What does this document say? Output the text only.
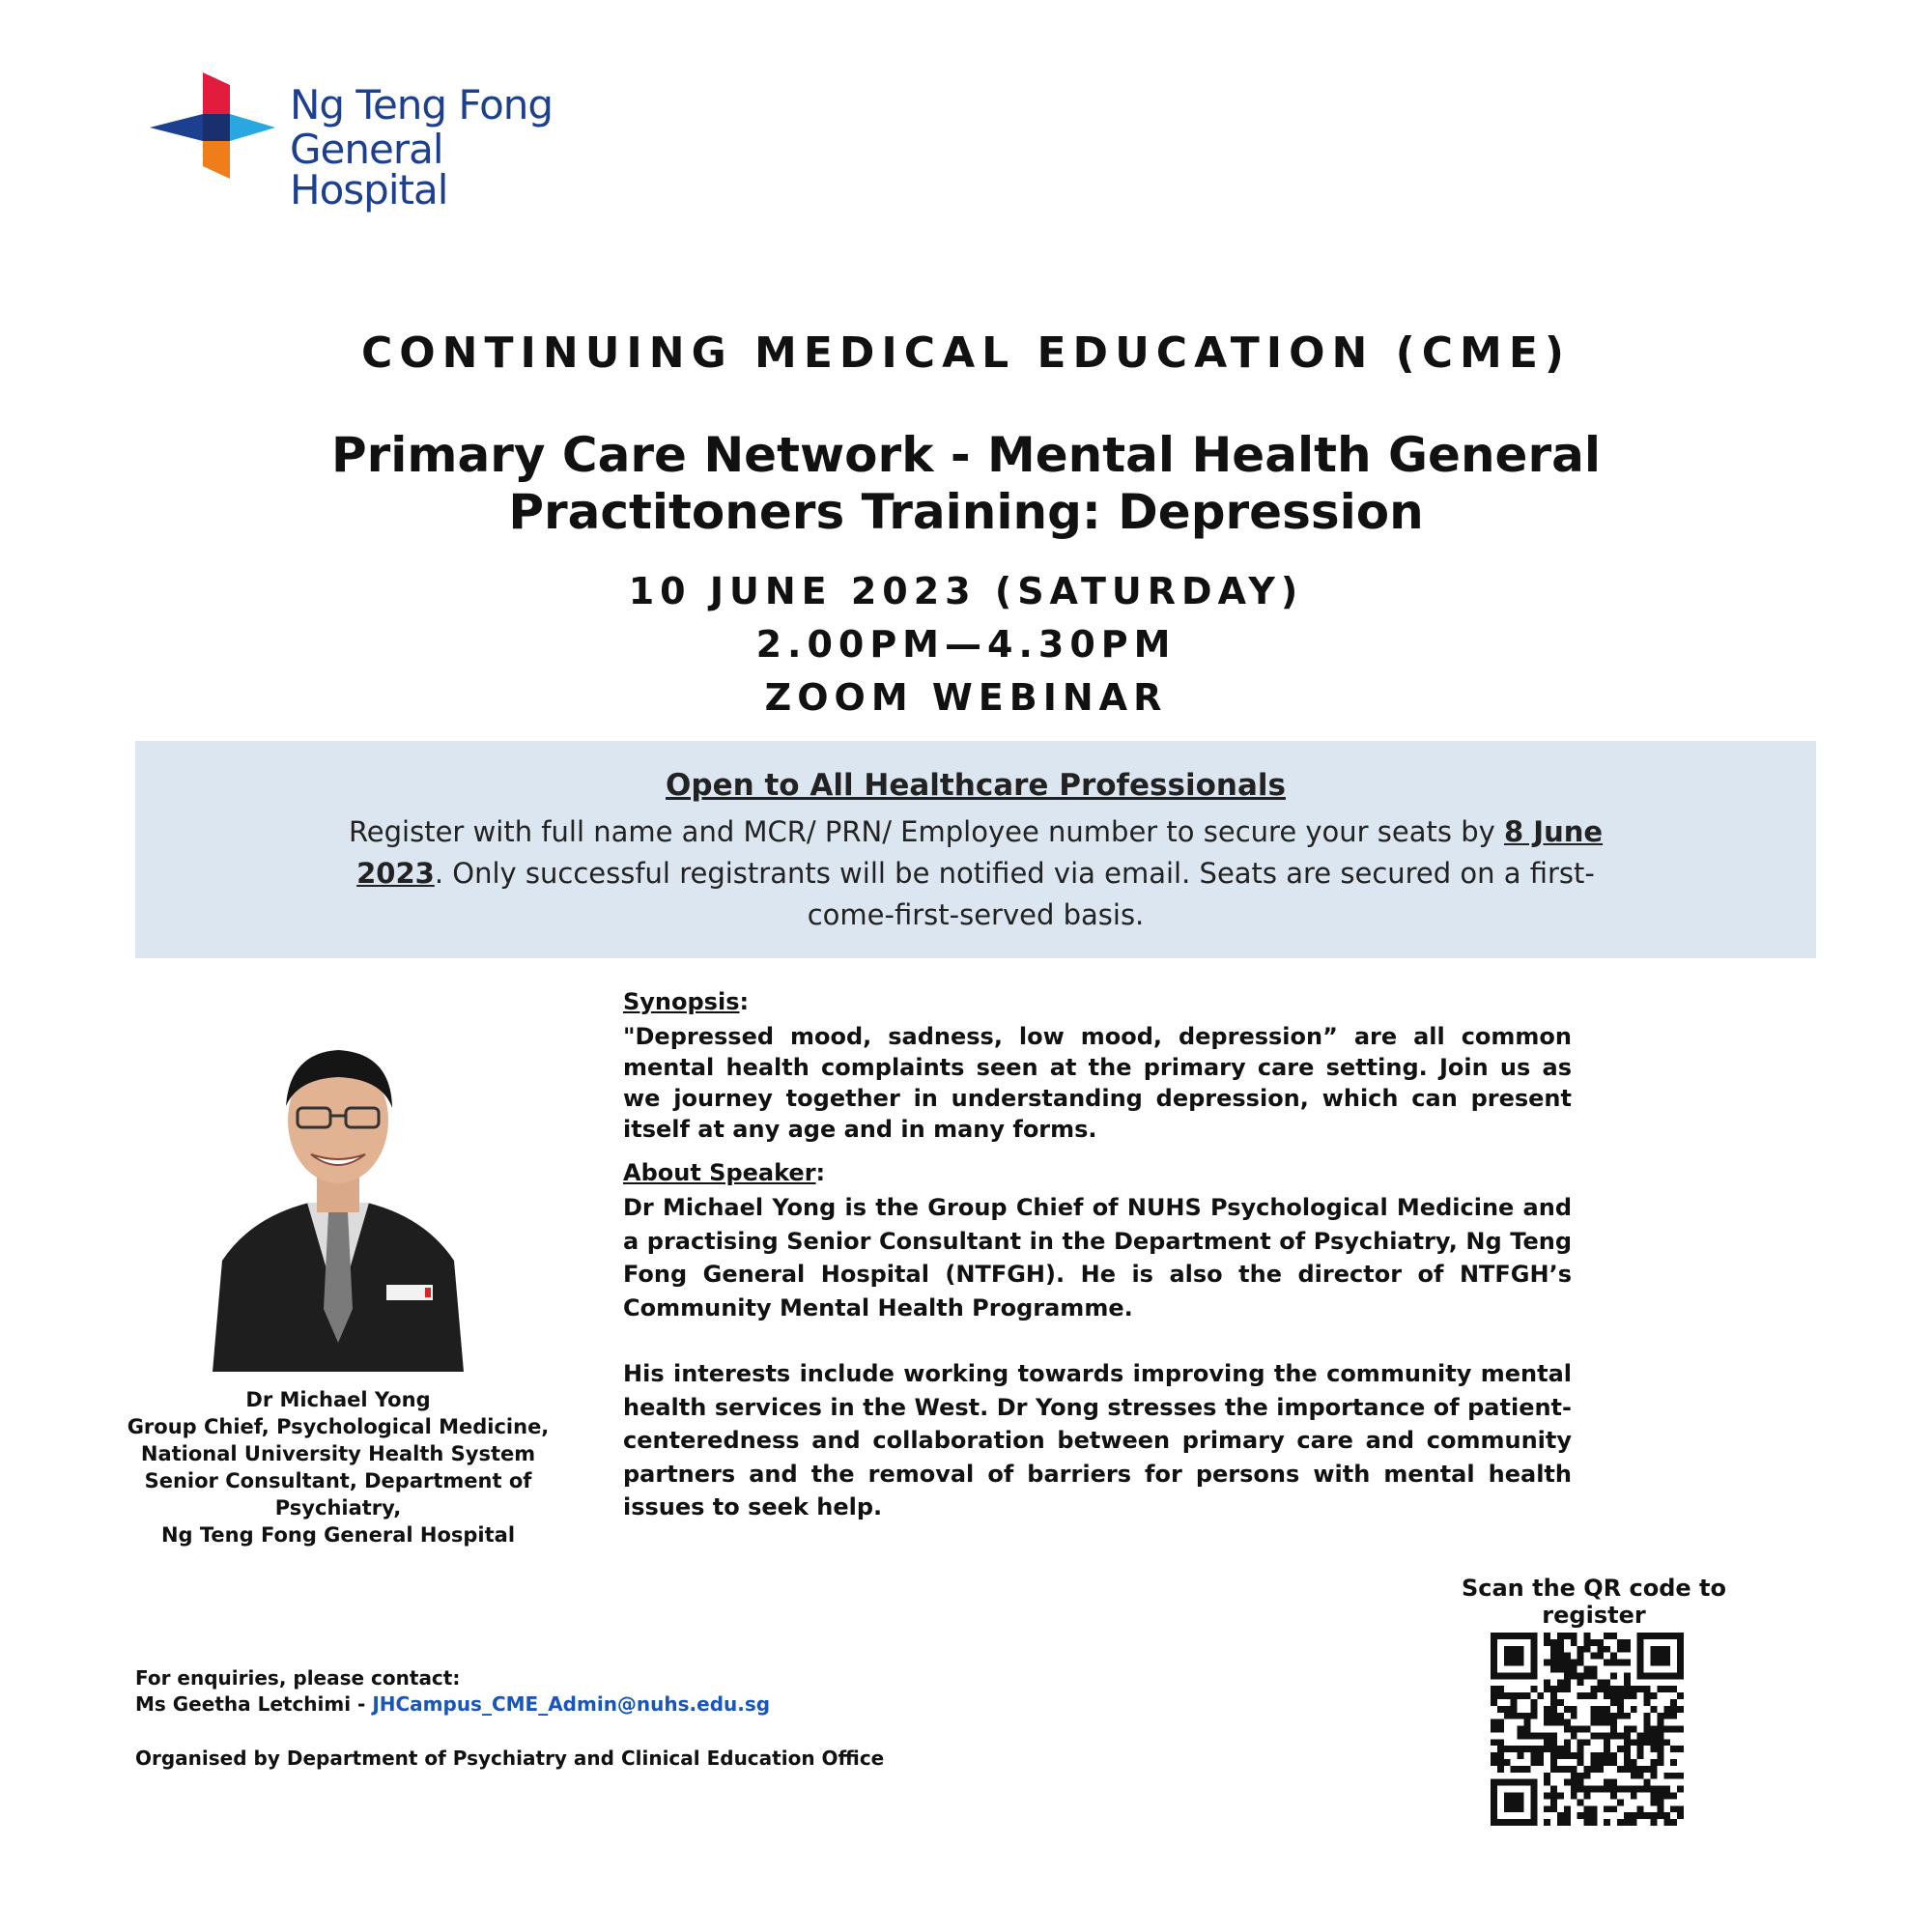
Ng Teng Fong
General Hospital
CONTINUING MEDICAL EDUCATION (CME)
Primary Care Network - Mental Health General Practitoners Training: Depression
10 JUNE 2023 (SATURDAY)
2.00PM—4.30PM
ZOOM WEBINAR
Open to All Healthcare Professionals
Register with full name and MCR/ PRN/ Employee number to secure your seats by 8 June 2023. Only successful registrants will be notified via email. Seats are secured on a first-come-first-served basis.
Dr Michael Yong
Group Chief, Psychological Medicine,
National University Health System
Senior Consultant, Department of Psychiatry,
Ng Teng Fong General Hospital
Synopsis:
"Depressed mood, sadness, low mood, depression” are all common mental health complaints seen at the primary care setting. Join us as we journey together in understanding depression, which can present itself at any age and in many forms.
About Speaker:
Dr Michael Yong is the Group Chief of NUHS Psychological Medicine and a practising Senior Consultant in the Department of Psychiatry, Ng Teng Fong General Hospital (NTFGH). He is also the director of NTFGH’s Community Mental Health Programme.
His interests include working towards improving the community mental health services in the West. Dr Yong stresses the importance of patient-centeredness and collaboration between primary care and community partners and the removal of barriers for persons with mental health issues to seek help.
Scan the QR code to register
For enquiries, please contact:
Ms Geetha Letchimi - JHCampus_CME_Admin@nuhs.edu.sg
Organised by Department of Psychiatry and Clinical Education Office
